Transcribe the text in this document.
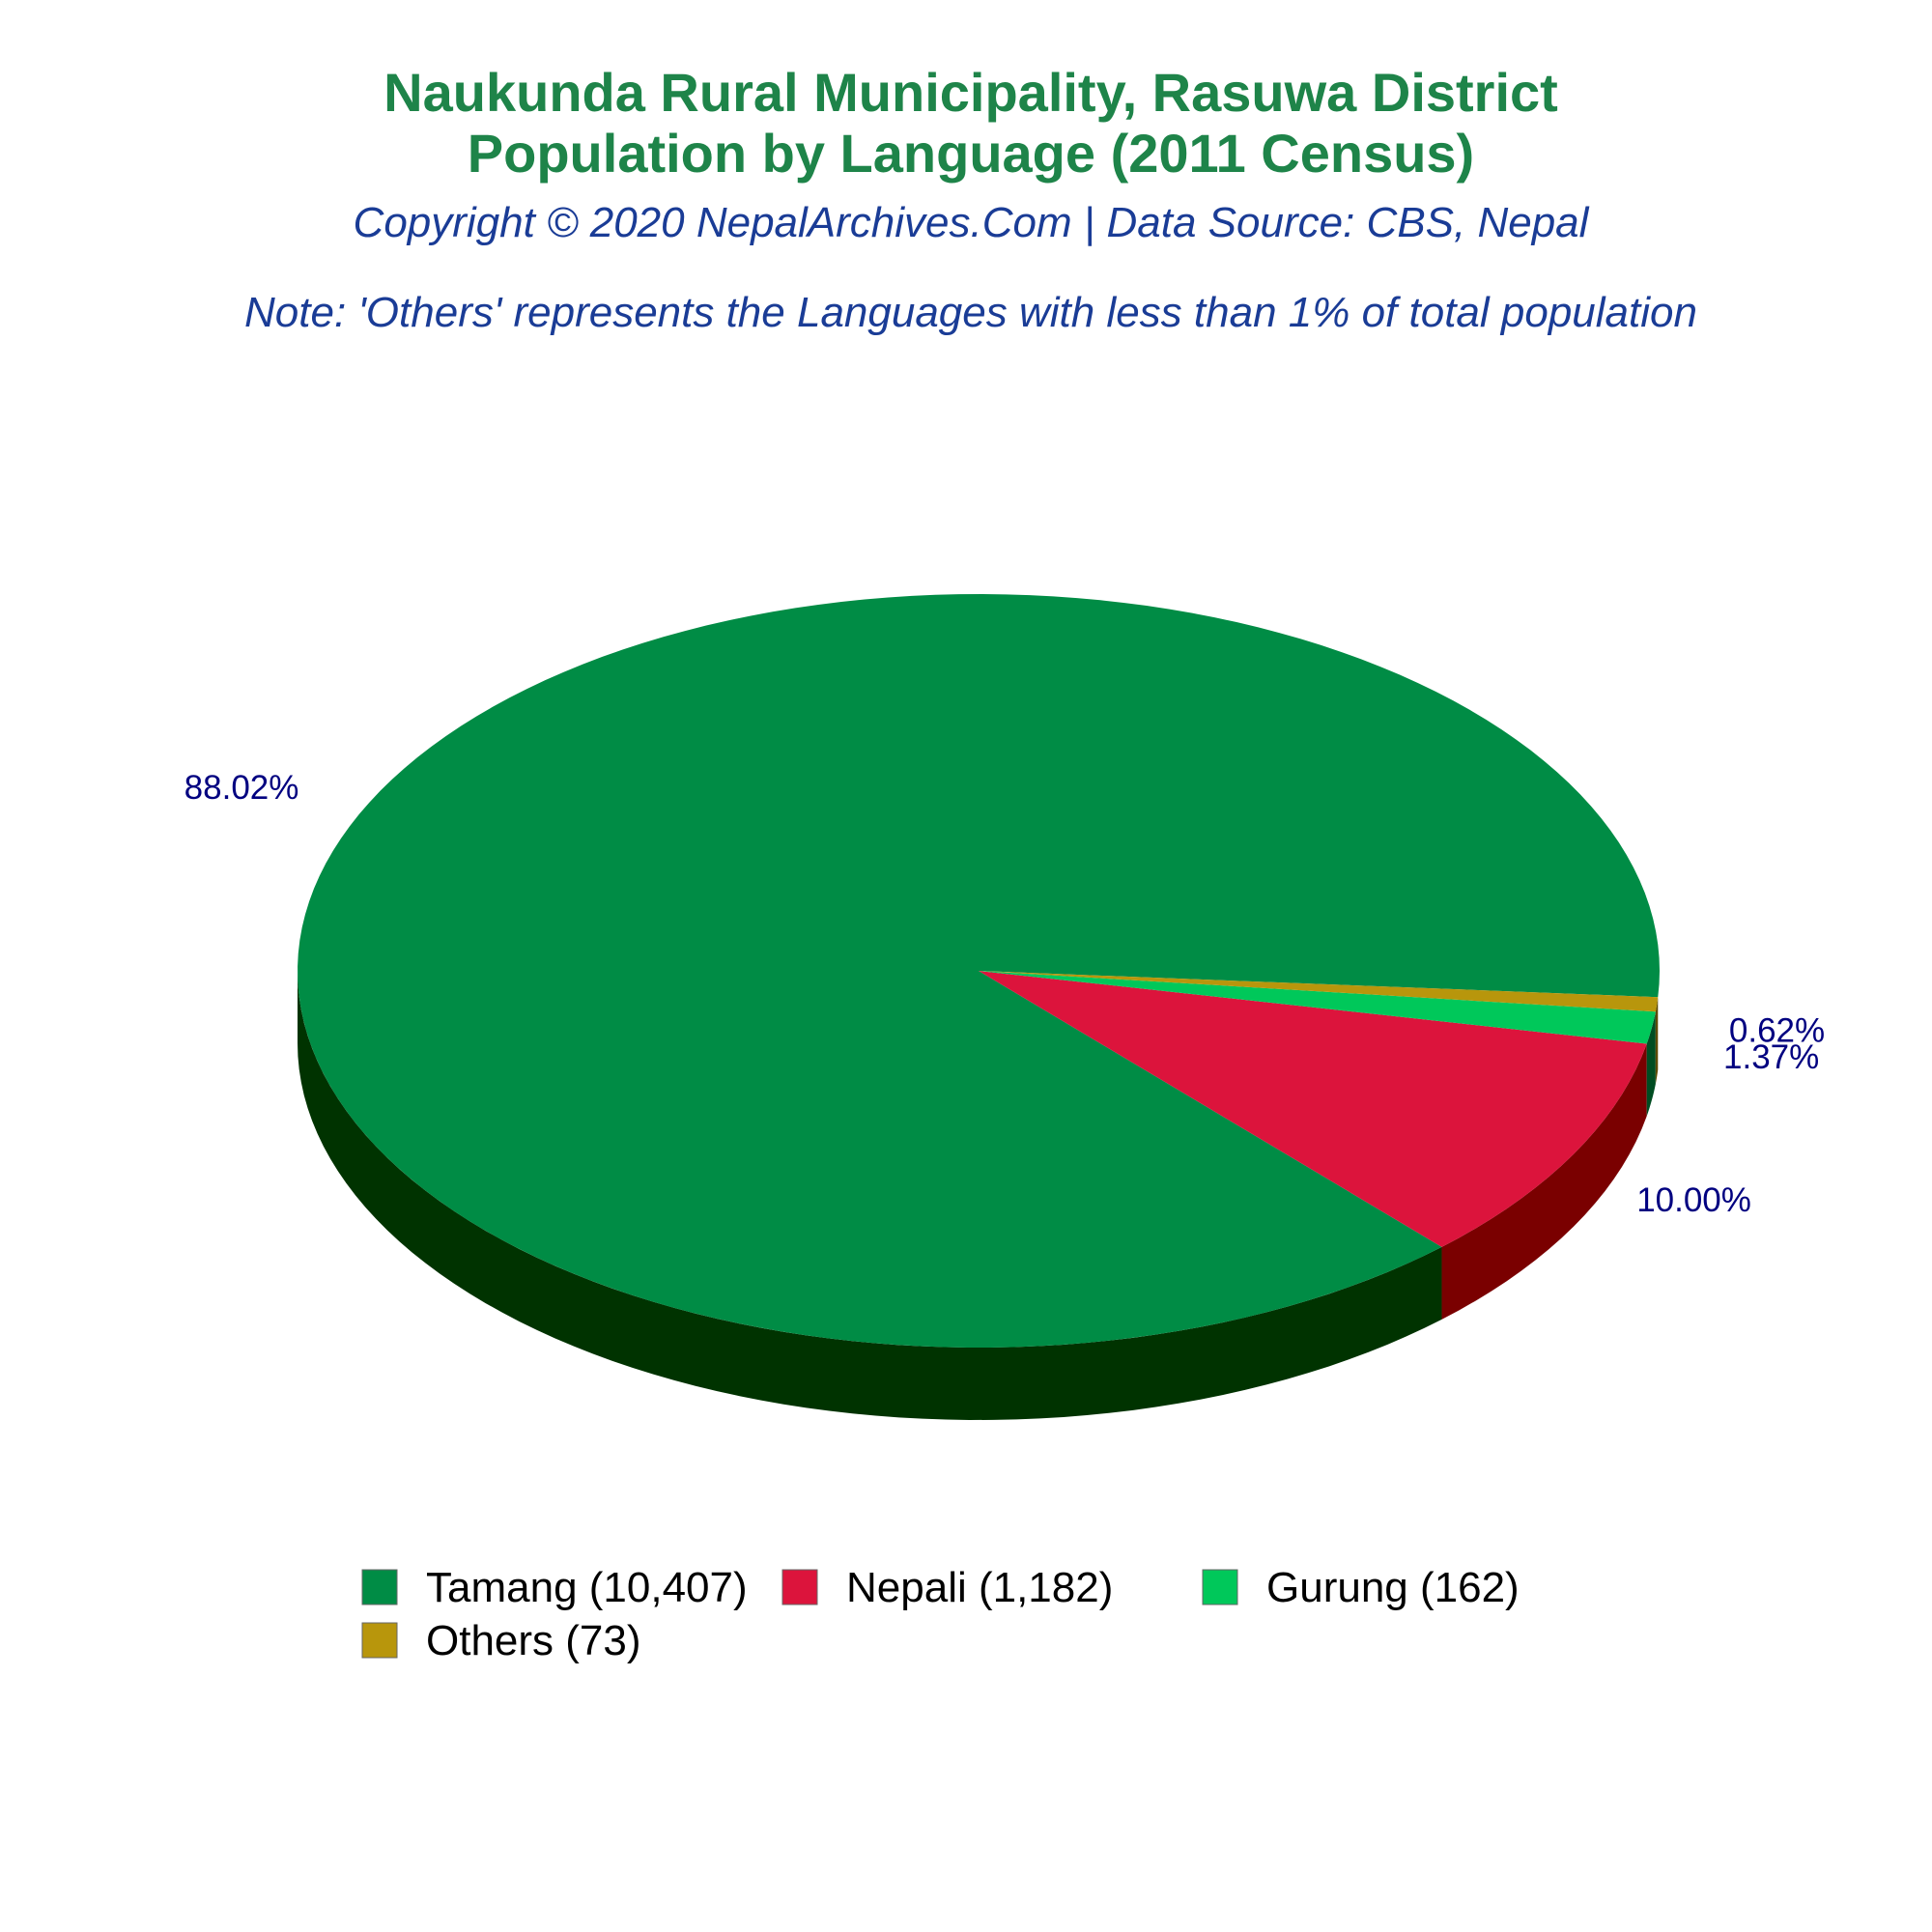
Naukunda Rural Municipality, Rasuwa District
Population by Language (2011 Census)
Copyright © 2020 NepalArchives.Com | Data Source: CBS, Nepal
Note: 'Others' represents the Languages with less than 1% of total population
88.02%
10.00%
1.37%
0.62%
Tamang (10,407) Nepali (1,182)	Gurung (162)
Others (73)
